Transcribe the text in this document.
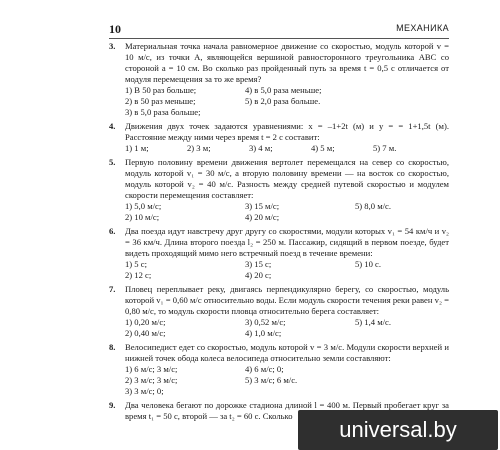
10	МЕХАНИКА
3. Материальная точка начала равномерное движение со скоростью, модуль которой v = 10 м/с, из точки A, являющейся вершиной равносторонного треугольника ABC со стороной a = 10 см. Во сколько раз пройденный путь за время t = 0,5 с отличается от модуля перемещения за то же время?

1) В 50 раз больше;	4) в 5,0 раза меньше;
2) в 50 раз меньше;	5) в 2,0 раза больше.
3) в 5,0 раза больше;
4. Движения двух точек задаются уравнениями: x = –1+2t (м) и y = = 1+1,5t (м). Расстояние между ними через время t = 2 с составит:

1) 1 м;	2) 3 м;	3) 4 м;	4) 5 м;	5) 7 м.
5. Первую половину времени движения вертолет перемещался на север со скоростью, модуль которой v₁ = 30 м/с, а вторую половину времени — на восток со скоростью, модуль которой v₂ = 40 м/с. Разность между средней путевой скоростью и модулем скорости перемещения составляет:

1) 5,0 м/с;	3) 15 м/с;	5) 8,0 м/с.
2) 10 м/с;	4) 20 м/с;
6. Два поезда идут навстречу друг другу со скоростями, модули которых v₁ = 54 км/ч и v₂ = 36 км/ч. Длина второго поезда l₂ = 250 м. Пассажир, сидящий в первом поезде, будет видеть проходящий мимо него встречный поезд в течение времени:

1) 5 с;	3) 15 с;	5) 10 с.
2) 12 с;	4) 20 с;
7. Пловец переплывает реку, двигаясь перпендикулярно берегу, со скоростью, модуль которой v₁ = 0,60 м/с относительно воды. Если модуль скорости течения реки равен v₂ = 0,80 м/с, то модуль скорости пловца относительно берега составляет:

1) 0,20 м/с;	3) 0,52 м/с;	5) 1,4 м/с.
2) 0,40 м/с;	4) 1,0 м/с;
8. Велосипедист едет со скоростью, модуль которой v = 3 м/с. Модули скорости верхней и нижней точек обода колеса велосипеда относительно земли составляют:

1) 6 м/с; 3 м/с;	4) 6 м/с; 0;
2) 3 м/с; 3 м/с;	5) 3 м/с; 6 м/с.
3) 3 м/с; 0;
9. Два человека бегают по дорожке стадиона длиной l = 400 м. Первый пробегает круг за время t₁ = 50 с, второй — за t₂ = 60 с. Сколько

universal.by
